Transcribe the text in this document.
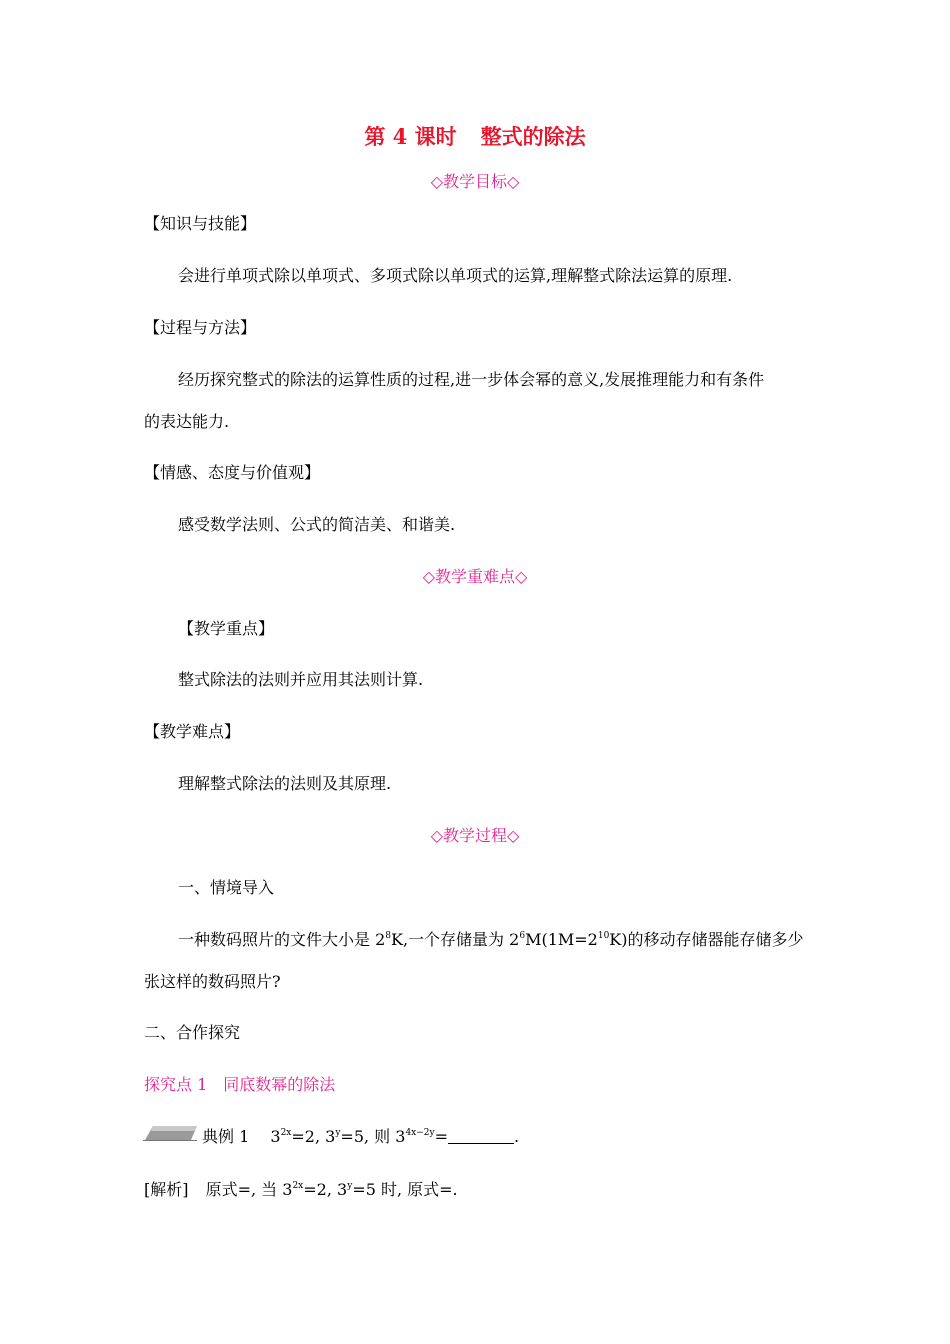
第 4 课时 整式的除法
◇教学目标◇
【知识与技能】
会进行单项式除以单项式、多项式除以单项式的运算,理解整式除法运算的原理.
【过程与方法】
经历探究整式的除法的运算性质的过程,进一步体会幂的意义,发展推理能力和有条件
的表达能力.
【情感、态度与价值观】
感受数学法则、公式的简洁美、和谐美.
◇教学重难点◇
【教学重点】
整式除法的法则并应用其法则计算.
【教学难点】
理解整式除法的法则及其原理.
◇教学过程◇
一、情境导入
一种数码照片的文件大小是 $2^8K$,一个存储量为 $2^6M(1M=2^{10}K)$的移动存储器能存储多少
张这样的数码照片?
二、合作探究
探究点 1　同底数幂的除法
典例 1 $3^{2x}=2$, $3^y=5$, 则 $3^{4x-2y}=$	.
[解析] 原式=, 当 $3^{2x}=2$, $3^y=5$ 时, 原式=.
